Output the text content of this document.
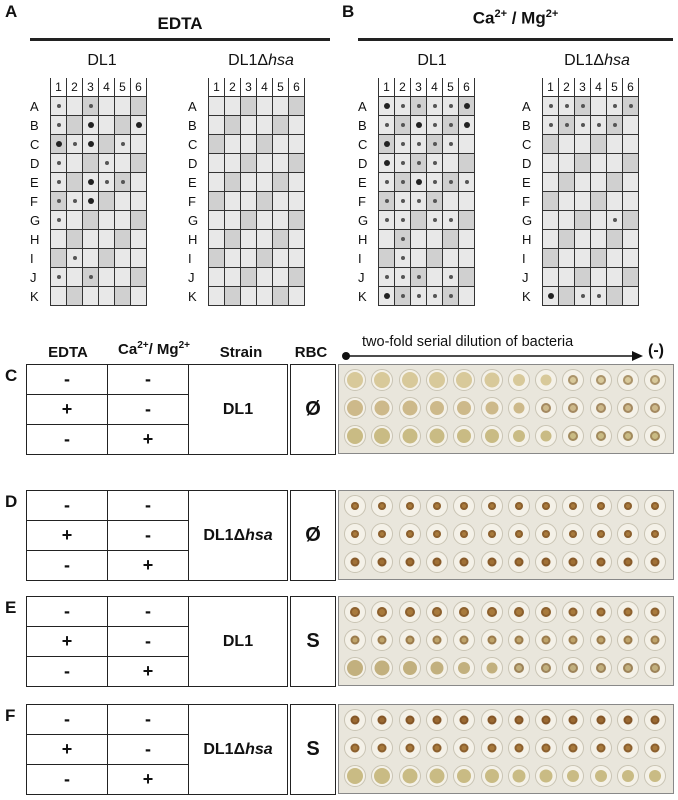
A
EDTA
DL1	DL1Δhsa
B	$Ca^{2+} / Mg^{2+}$
DL1	DL1Δhsa
	1	2	3	4	5	6
A	

B	

C	

D	

E	

F	

G	

H						
I		

J	

K						
	1	2	3	4	5	6
A						
B						
C						
D						
E						
F						
G						
H						
I						
J						
K						
	1	2	3	4	5	6
A	

B	

C	

D	

E	

F	

G	

H		

I		

J	

K	

	1	2	3	4	5	6
A	

B	

C						
D						
E						
F						
G					

H						
I						
J						
K	

EDTA	$Ca^{2+}/$ $Mg^{2+}$	Strain	RBC
two-fold serial dilution of bacteria	(-)
C	-	-
+	-
-	+
DL1	Ø
D	-	-
+	-
-	+
DL1Δ hsa	Ø
E	-	-
+	-
-	+
DL1	S
F	-	-
+	-
-	+
DL1Δ hsa	S
